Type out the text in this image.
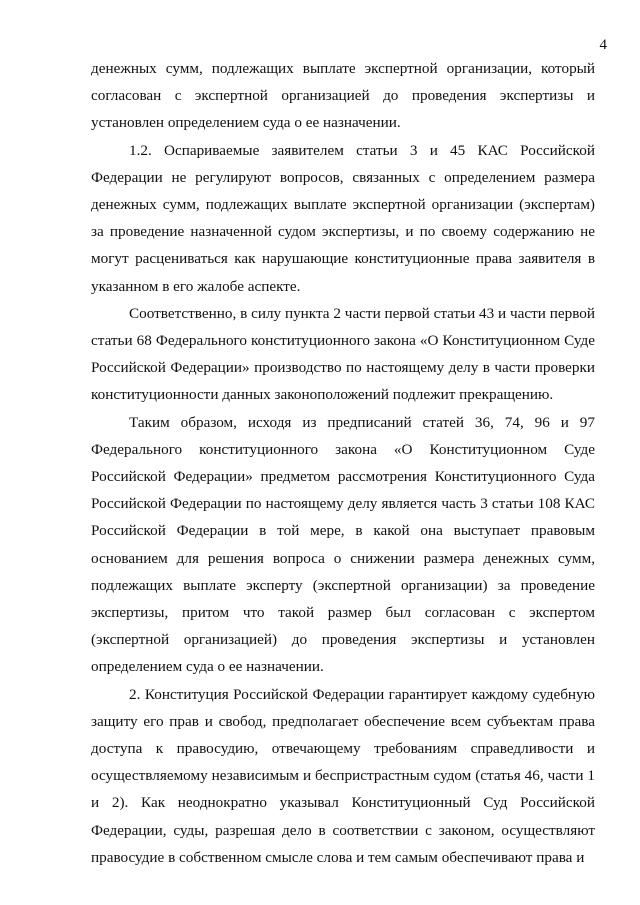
4

денежных сумм, подлежащих выплате экспертной организации, который согласован с экспертной организацией до проведения экспертизы и установлен определением суда о ее назначении.

1.2. Оспариваемые заявителем статьи 3 и 45 КАС Российской Федерации не регулируют вопросов, связанных с определением размера денежных сумм, подлежащих выплате экспертной организации (экспертам) за проведение назначенной судом экспертизы, и по своему содержанию не могут расцениваться как нарушающие конституционные права заявителя в указанном в его жалобе аспекте.

Соответственно, в силу пункта 2 части первой статьи 43 и части первой статьи 68 Федерального конституционного закона «О Конституционном Суде Российской Федерации» производство по настоящему делу в части проверки конституционности данных законоположений подлежит прекращению.

Таким образом, исходя из предписаний статей 36, 74, 96 и 97 Федерального конституционного закона «О Конституционном Суде Российской Федерации» предметом рассмотрения Конституционного Суда Российской Федерации по настоящему делу является часть 3 статьи 108 КАС Российской Федерации в той мере, в какой она выступает правовым основанием для решения вопроса о снижении размера денежных сумм, подлежащих выплате эксперту (экспертной организации) за проведение экспертизы, притом что такой размер был согласован с экспертом (экспертной организацией) до проведения экспертизы и установлен определением суда о ее назначении.

2. Конституция Российской Федерации гарантирует каждому судебную защиту его прав и свобод, предполагает обеспечение всем субъектам права доступа к правосудию, отвечающему требованиям справедливости и осуществляемому независимым и беспристрастным судом (статья 46, части 1 и 2). Как неоднократно указывал Конституционный Суд Российской Федерации, суды, разрешая дело в соответствии с законом, осуществляют правосудие в собственном смысле слова и тем самым обеспечивают права и
